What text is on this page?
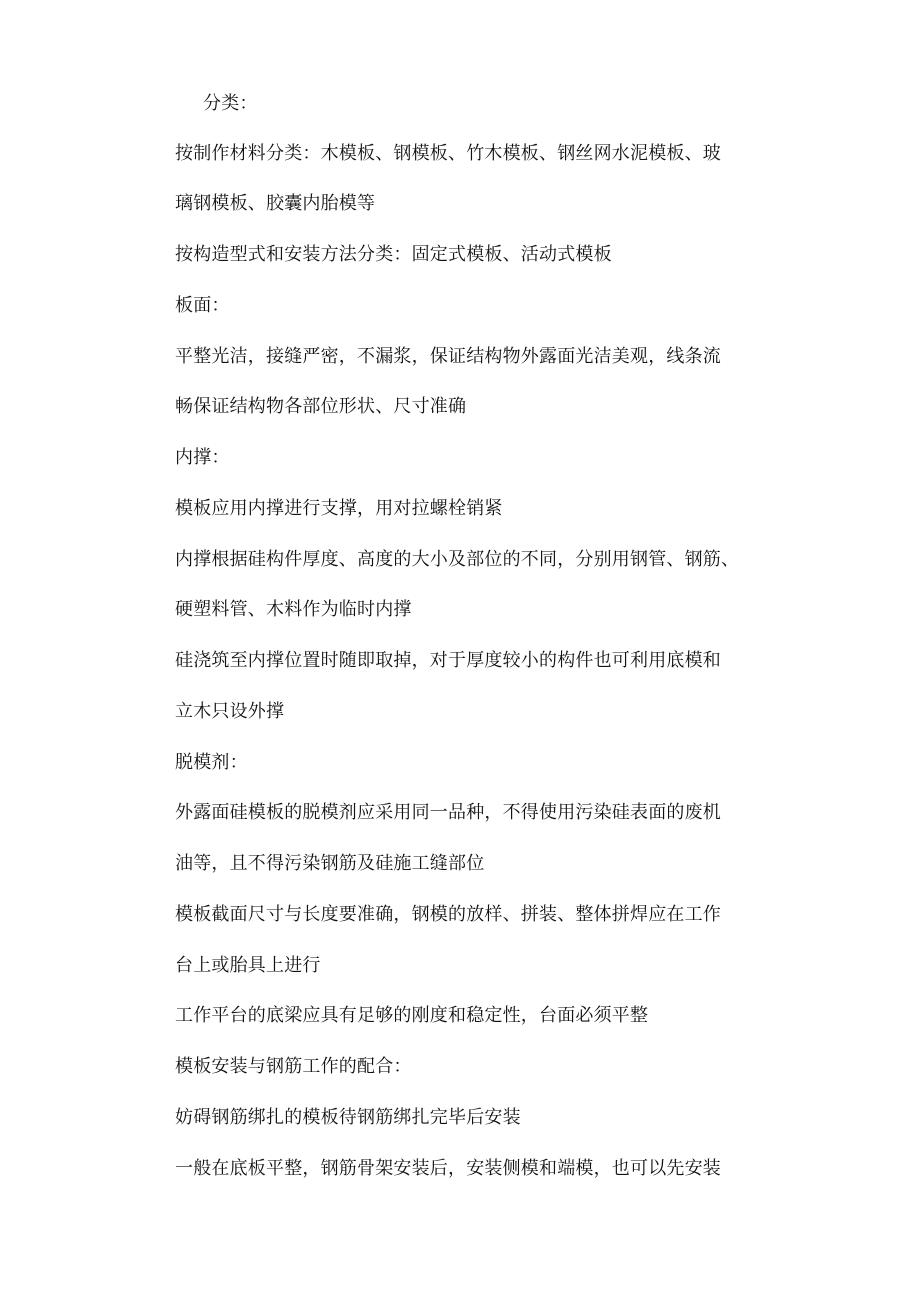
分类：
按制作材料分类：木模板、钢模板、竹木模板、钢丝网水泥模板、玻
璃钢模板、胶囊内胎模等
按构造型式和安装方法分类：固定式模板、活动式模板
板面：
平整光洁，接缝严密，不漏浆，保证结构物外露面光洁美观，线条流
畅保证结构物各部位形状、尺寸准确
内撑：
模板应用内撑进行支撑，用对拉螺栓销紧
内撑根据硅构件厚度、高度的大小及部位的不同，分别用钢管、钢筋、
硬塑料管、木料作为临时内撑
硅浇筑至内撑位置时随即取掉，对于厚度较小的构件也可利用底模和
立木只设外撑
脱模剂：
外露面硅模板的脱模剂应采用同一品种，不得使用污染硅表面的废机
油等，且不得污染钢筋及硅施工缝部位
模板截面尺寸与长度要准确，钢模的放样、拼装、整体拼焊应在工作
台上或胎具上进行
工作平台的底梁应具有足够的刚度和稳定性，台面必须平整
模板安装与钢筋工作的配合：
妨碍钢筋绑扎的模板待钢筋绑扎完毕后安装
一般在底板平整，钢筋骨架安装后，安装侧模和端模，也可以先安装
